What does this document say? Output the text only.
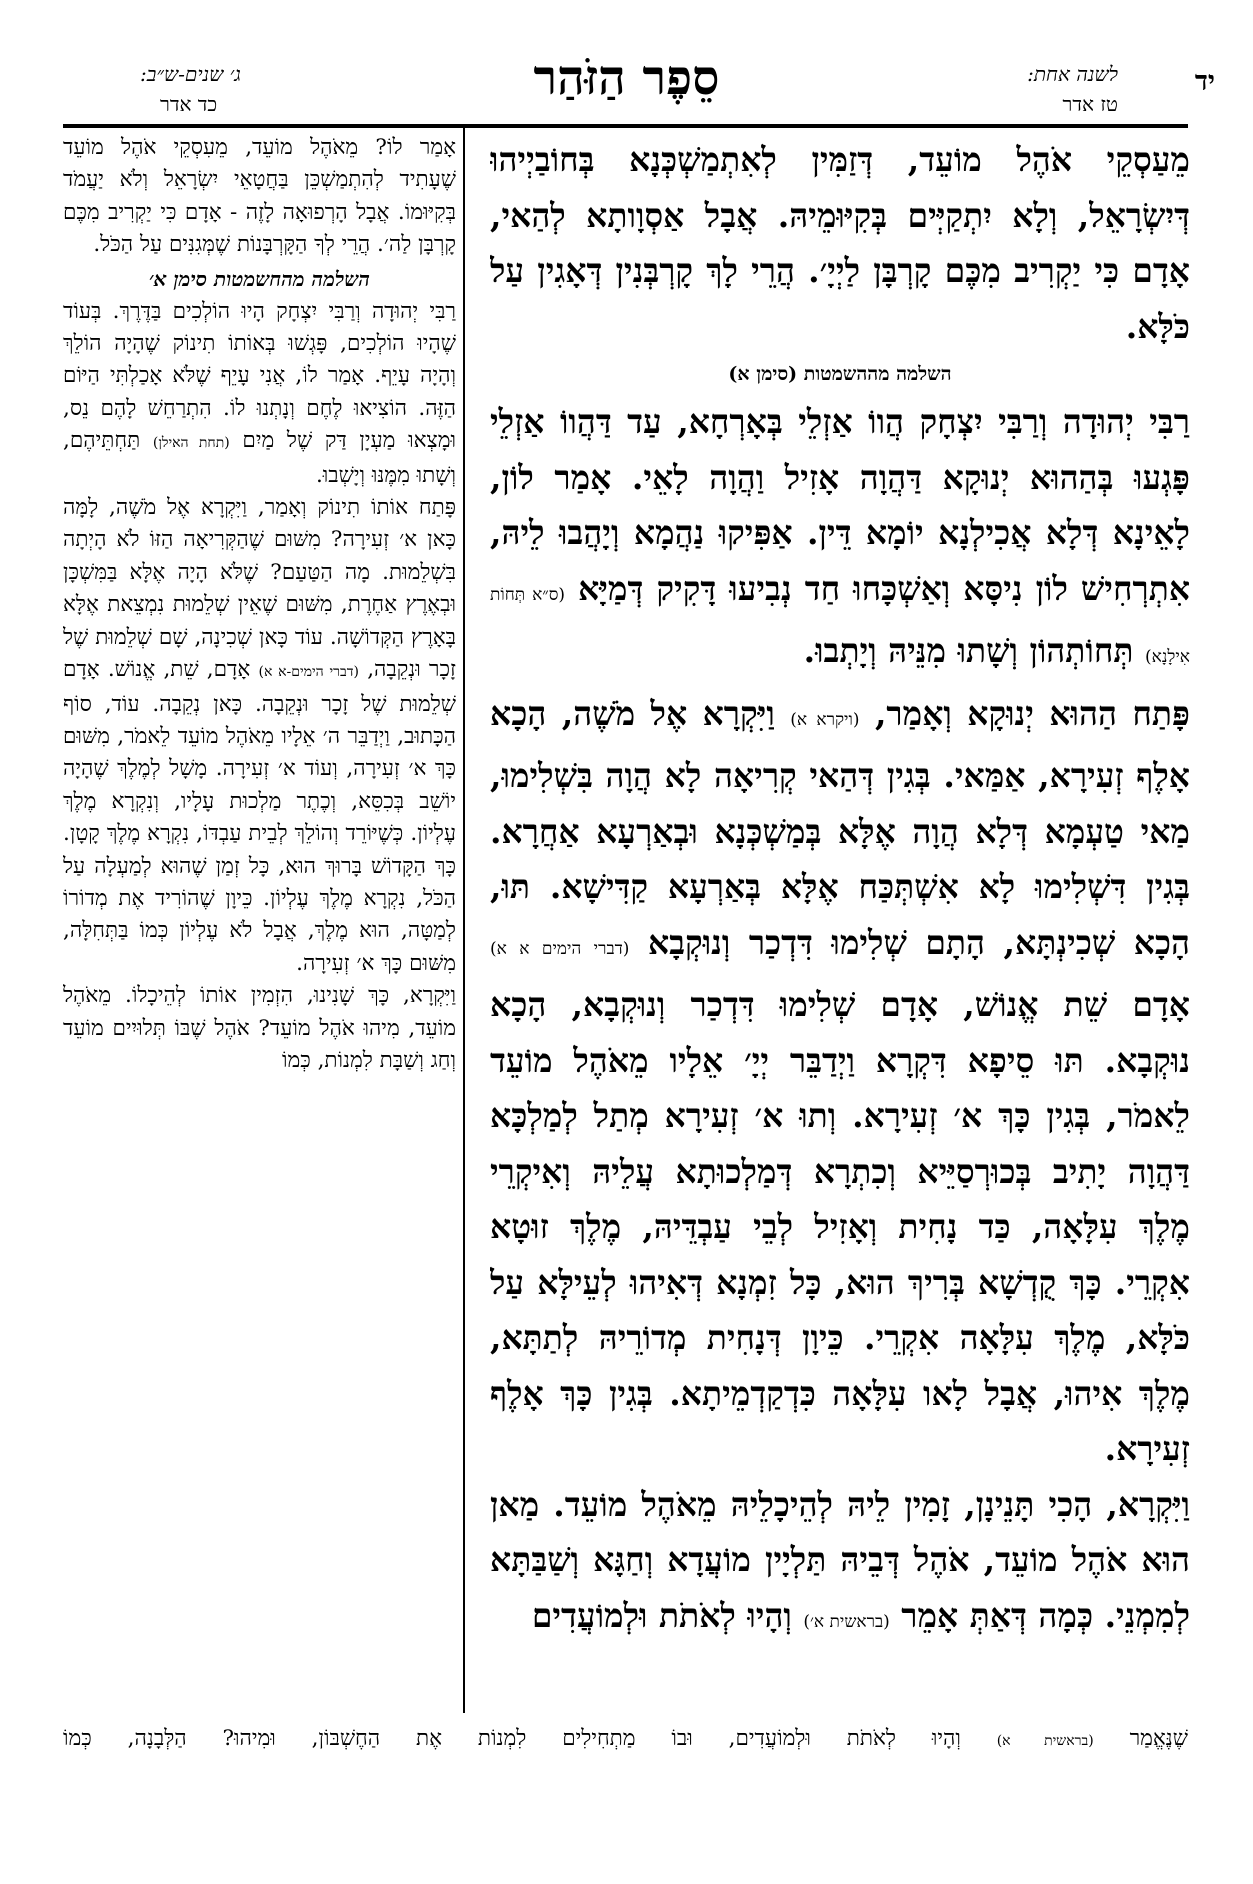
יד
לשנה אחת:
טז אדר
סֵפֶר הַזֹּהַר
ג׳ שנים-ש״ב:
כד אדר

מֵעַסְקֵי אֹהֶל מוֹעֵד, דְּזַמִּין לְאִתְמַשְׁכְּנָא בְּחוֹבַיְיהוּ דְּיִשְׂרָאֵל, וְלָא יִתְקַיְּים בְּקִיּוּמֵיהּ. אֲבָל אַסְוָותָא לְהַאי, אָדָם כִּי יַקְרִיב מִכֶּם קָרְבָּן לַיְיָ׳. הֲרֵי לָךְ קָרְבְּנִין דְּאָגִין עַל כֹּלָּא.

השלמה מההשמטות (סימן א)

רַבִּי יְהוּדָה וְרַבִּי יִצְחָק הֲווֹ אַזְלֵי בְּאָרְחָא, עַד דַּהֲווֹ אַזְלֵי פָּגְעוּ בְּהַהוּא יְנוּקָא דַּהֲוָה אָזִיל וַהֲוָה לָאֵי. אָמַר לוֹן, לָאֵינָא דְּלָא אֲכִילְנָא יוֹמָא דֵּין. אַפִּיקוּ נַהֲמָא וְיָהֲבוּ לֵיהּ, אִתְרְחִישׁ לוֹן נִיסָּא וְאַשְׁכָּחוּ חַד נְבִיעוּ דָּקִיק דְּמַיָּא (ס״א תְּחוֹת אִילָנָא) תְּחוֹתְהוֹן וְשָׁתוּ מִנֵּיהּ וְיָתְבוּ.

פָּתַח הַהוּא יְנוּקָא וְאָמַר, (ויקרא א) וַיִּקְרָא אֶל מֹשֶׁה, הָכָא אָלֶף זְעִירָא, אַמַּאי. בְּגִין דְּהַאי קְרִיאָה לָא הֲוָה בִּשְׁלִימוּ, מַאי טַעְמָא דְּלָא הֲוָה אֶלָּא בְּמַשְׁכְּנָא וּבְאַרְעָא אַחֲרָא. בְּגִין דִּשְׁלִימוּ לָא אִשְׁתְּכַּח אֶלָּא בְּאַרְעָא קַדִּישָׁא. תּוּ, הָכָא שְׁכִינְתָּא, הָתָם שְׁלִימוּ דִּדְכַר וְנוּקְבָא (דברי הימים א א) אָדָם שֵׁת אֱנוֹשׁ, אָדָם שְׁלִימוּ דִּדְכַר וְנוּקְבָא, הָכָא נוּקְבָא. תּוּ סֵיפָא דִּקְרָא וַיְדַבֵּר יְיָ׳ אֵלָיו מֵאֹהֶל מוֹעֵד לֵאמֹר, בְּגִין כָּךְ א׳ זְעִירָא. וְתוּ א׳ זְעִירָא מְתַל לְמַלְכָּא דַּהֲוָה יָתִיב בְּכוּרְסַיֵּיא וְכִתְרָא דְּמַלְכוּתָא עֲלֵיהּ וְאִיקְרֵי מֶלֶךְ עִלָּאָה, כַּד נָחִית וְאָזִיל לְבֵי עַבְדֵּיהּ, מֶלֶךְ זוּטָא אִקְרֵי. כָּךְ קֻדְשָׁא בְּרִיךְ הוּא, כָּל זִמְנָא דְּאִיהוּ לְעֵילָּא עַל כֹּלָּא, מֶלֶךְ עִלָּאָה אִקְרֵי. כֵּיוָן דְּנָחִית מְדוֹרֵיהּ לְתַתָּא, מֶלֶךְ אִיהוּ, אֲבָל לָאו עִלָּאָה כִּדְקַדְמֵיתָא. בְּגִין כָּךְ אָלֶף זְעִירָא.

וַיִּקְרָא, הָכִי תָּנֵינָן, זָמִין לֵיהּ לְהֵיכָלֵיהּ מֵאֹהֶל מוֹעֵד. מַאן הוּא אֹהֶל מוֹעֵד, אֹהֶל דְּבֵיהּ תַּלְיָין מוֹעֲדָא וְחַגָּא וְשַׁבַּתָּא לְמִמְנֵי. כְּמָה דְּאַתְּ אָמֵר (בראשית א׳) וְהָיוּ לְאֹתֹת וּלְמוֹעֲדִים

אָמַר לוֹ? מֵאֹהֶל מוֹעֵד, מֵעִסְקֵי אֹהֶל מוֹעֵד שֶׁעָתִיד לְהִתְמַשְׁכֵּן בַּחֲטָאֵי יִשְׂרָאֵל וְלֹא יַעֲמֹד בְּקִיּוּמוֹ. אֲבָל הָרְפוּאָה לָזֶה - אָדָם כִּי יַקְרִיב מִכֶּם קָרְבָּן לַה׳. הֲרֵי לְךָ הַקָּרְבָּנוֹת שֶׁמְּגִנִּים עַל הַכֹּל.

השלמה מהחשמטות סימן א׳

רַבִּי יְהוּדָה וְרַבִּי יִצְחָק הָיוּ הוֹלְכִים בַּדֶּרֶךְ. בְּעוֹד שֶׁהָיוּ הוֹלְכִים, פָּגְשׁוּ בְּאוֹתוֹ תִינוֹק שֶׁהָיָה הוֹלֵךְ וְהָיָה עָיֵף. אָמַר לוֹ, אֲנִי עָיֵף שֶׁלֹּא אָכַלְתִּי הַיּוֹם הַזֶּה. הוֹצִיאוּ לֶחֶם וְנָתְנוּ לוֹ. הִתְרַחֵשׁ לָהֶם נֵס, וּמָצְאוּ מַעְיָן דַּק שֶׁל מַיִם (תחת האילן) תַּחְתֵּיהֶם, וְשָׁתוּ מִמֶּנּוּ וְיָשְׁבוּ.

פָּתַח אוֹתוֹ תִינוֹק וְאָמַר, וַיִּקְרָא אֶל מֹשֶׁה, לָמָּה כָּאן א׳ זְעִירָה? מִשּׁוּם שֶׁהַקְּרִיאָה הַזּוֹ לֹא הָיְתָה בִּשְׁלֵמוּת. מָה הַטַּעַם? שֶׁלֹּא הָיָה אֶלָּא בַּמִּשְׁכָּן וּבְאֶרֶץ אַחֶרֶת, מִשּׁוּם שֶׁאֵין שְׁלֵמוּת נִמְצֵאת אֶלָּא בָּאָרֶץ הַקְּדוֹשָׁה. עוֹד כָּאן שְׁכִינָה, שָׁם שְׁלֵמוּת שֶׁל זָכָר וּנְקֵבָה, (דברי הימים-א א) אָדָם, שֵׁת, אֱנוֹשׁ. אָדָם שְׁלֵמוּת שֶׁל זָכָר וּנְקֵבָה. כָּאן נְקֵבָה. עוֹד, סוֹף הַכָּתוּב, וַיְדַבֵּר ה׳ אֵלָיו מֵאֹהֶל מוֹעֵד לֵאמֹר, מִשּׁוּם כָּךְ א׳ זְעִירָה, וְעוֹד א׳ זְעִירָה. מָשָׁל לְמֶלֶךְ שֶׁהָיָה יוֹשֵׁב בְּכִסֵּא, וְכֶתֶר מַלְכוּת עָלָיו, וְנִקְרָא מֶלֶךְ עֶלְיוֹן. כְּשֶׁיּוֹרֵד וְהוֹלֵךְ לְבֵית עַבְדּוֹ, נִקְרָא מֶלֶךְ קָטָן. כָּךְ הַקָּדוֹשׁ בָּרוּךְ הוּא, כָּל זְמַן שֶׁהוּא לְמַעְלָה עַל הַכֹּל, נִקְרָא מֶלֶךְ עֶלְיוֹן. כֵּיוָן שֶׁהוֹרִיד אֶת מְדוֹרוֹ לְמַטָּה, הוּא מֶלֶךְ, אֲבָל לֹא עֶלְיוֹן כְּמוֹ בַּתְּחִלָּה, מִשּׁוּם כָּךְ א׳ זְעִירָה.

וַיִּקְרָא, כָּךְ שָׁנִינוּ, הִזְמִין אוֹתוֹ לְהֵיכָלוֹ. מֵאֹהֶל מוֹעֵד, מִיהוּ אֹהֶל מוֹעֵד? אֹהֶל שֶׁבּוֹ תְּלוּיִים מוֹעֵד וְחַג וְשַׁבָּת לִמְנוֹת, כְּמוֹ

שֶׁנֶּאֱמַר (בראשית א) וְהָיוּ לְאֹתֹת וּלְמוֹעֲדִים, וּבוֹ מַתְחִילִים לִמְנוֹת אֶת הַחֶשְׁבּוֹן, וּמִיהוּ? הַלְּבָנָה, כְּמוֹ
